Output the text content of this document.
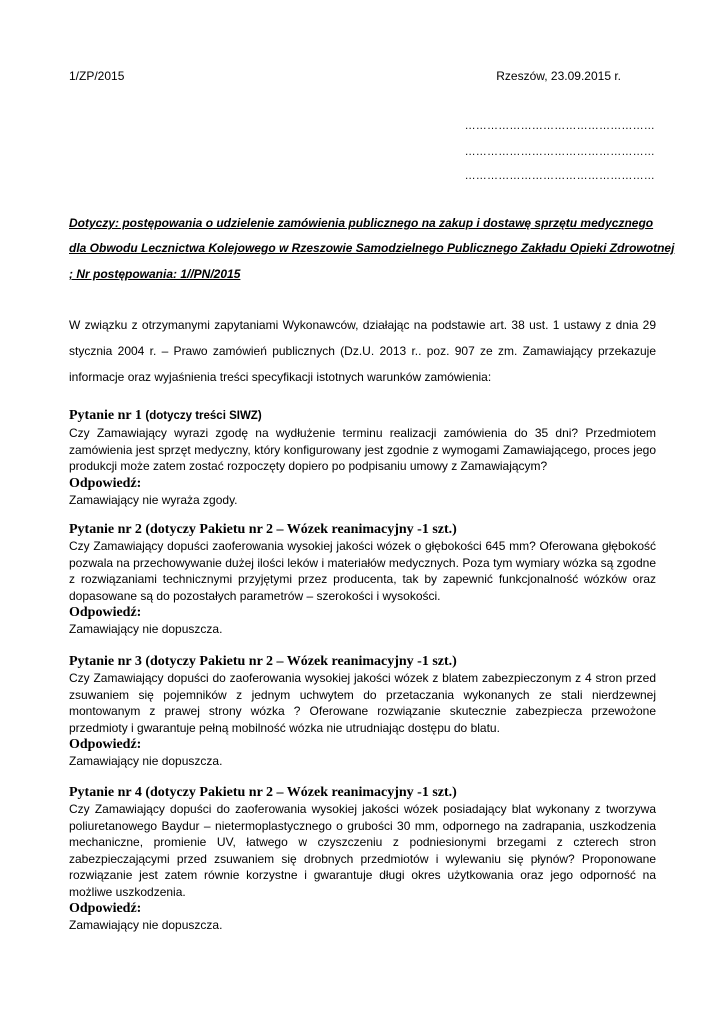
1/ZP/2015	Rzeszów, 23.09.2015 r.
……………………………………………
……………………………………………
……………………………………………
Dotyczy: postępowania o udzielenie zamówienia publicznego na zakup i dostawę sprzętu medycznego
dla Obwodu Lecznictwa Kolejowego w Rzeszowie Samodzielnego Publicznego Zakładu Opieki Zdrowotnej
; Nr postępowania: 1//PN/2015
W związku z otrzymanymi zapytaniami Wykonawców, działając na podstawie art. 38 ust. 1 ustawy z dnia 29 stycznia 2004 r. – Prawo zamówień publicznych (Dz.U. 2013 r.. poz. 907 ze zm. Zamawiający przekazuje informacje oraz wyjaśnienia treści specyfikacji istotnych warunków zamówienia:
Pytanie nr 1 (dotyczy treści SIWZ)
Czy Zamawiający wyrazi zgodę na wydłużenie terminu realizacji zamówienia do 35 dni? Przedmiotem zamówienia jest sprzęt medyczny, który konfigurowany jest zgodnie z wymogami Zamawiającego, proces jego produkcji może zatem zostać rozpoczęty dopiero po podpisaniu umowy z Zamawiającym?
Odpowiedź:
Zamawiający nie wyraża zgody.
Pytanie nr 2 (dotyczy Pakietu nr 2 – Wózek reanimacyjny -1 szt.)
Czy Zamawiający dopuści zaoferowania wysokiej jakości wózek o głębokości 645 mm? Oferowana głębokość pozwala na przechowywanie dużej ilości leków i materiałów medycznych. Poza tym wymiary wózka są zgodne z rozwiązaniami technicznymi przyjętymi przez producenta, tak by zapewnić funkcjonalność wózków oraz dopasowane są do pozostałych parametrów – szerokości i wysokości.
Odpowiedź:
Zamawiający nie dopuszcza.
Pytanie nr 3 (dotyczy Pakietu nr 2 – Wózek reanimacyjny -1 szt.)
Czy Zamawiający dopuści do zaoferowania wysokiej jakości wózek z blatem zabezpieczonym z 4 stron przed zsuwaniem się pojemników z jednym uchwytem do przetaczania wykonanych ze stali nierdzewnej montowanym z prawej strony wózka ? Oferowane rozwiązanie skutecznie zabezpiecza przewożone przedmioty i gwarantuje pełną mobilność wózka nie utrudniając dostępu do blatu.
Odpowiedź:
Zamawiający nie dopuszcza.
Pytanie nr 4 (dotyczy Pakietu nr 2 – Wózek reanimacyjny -1 szt.)
Czy Zamawiający dopuści do zaoferowania wysokiej jakości wózek posiadający blat wykonany z tworzywa poliuretanowego Baydur – nietermoplastycznego o grubości 30 mm, odpornego na zadrapania, uszkodzenia mechaniczne, promienie UV, łatwego w czyszczeniu z podniesionymi brzegami z czterech stron zabezpieczającymi przed zsuwaniem się drobnych przedmiotów i wylewaniu się płynów? Proponowane rozwiązanie jest zatem równie korzystne i gwarantuje długi okres użytkowania oraz jego odporność na możliwe uszkodzenia.
Odpowiedź:
Zamawiający nie dopuszcza.
